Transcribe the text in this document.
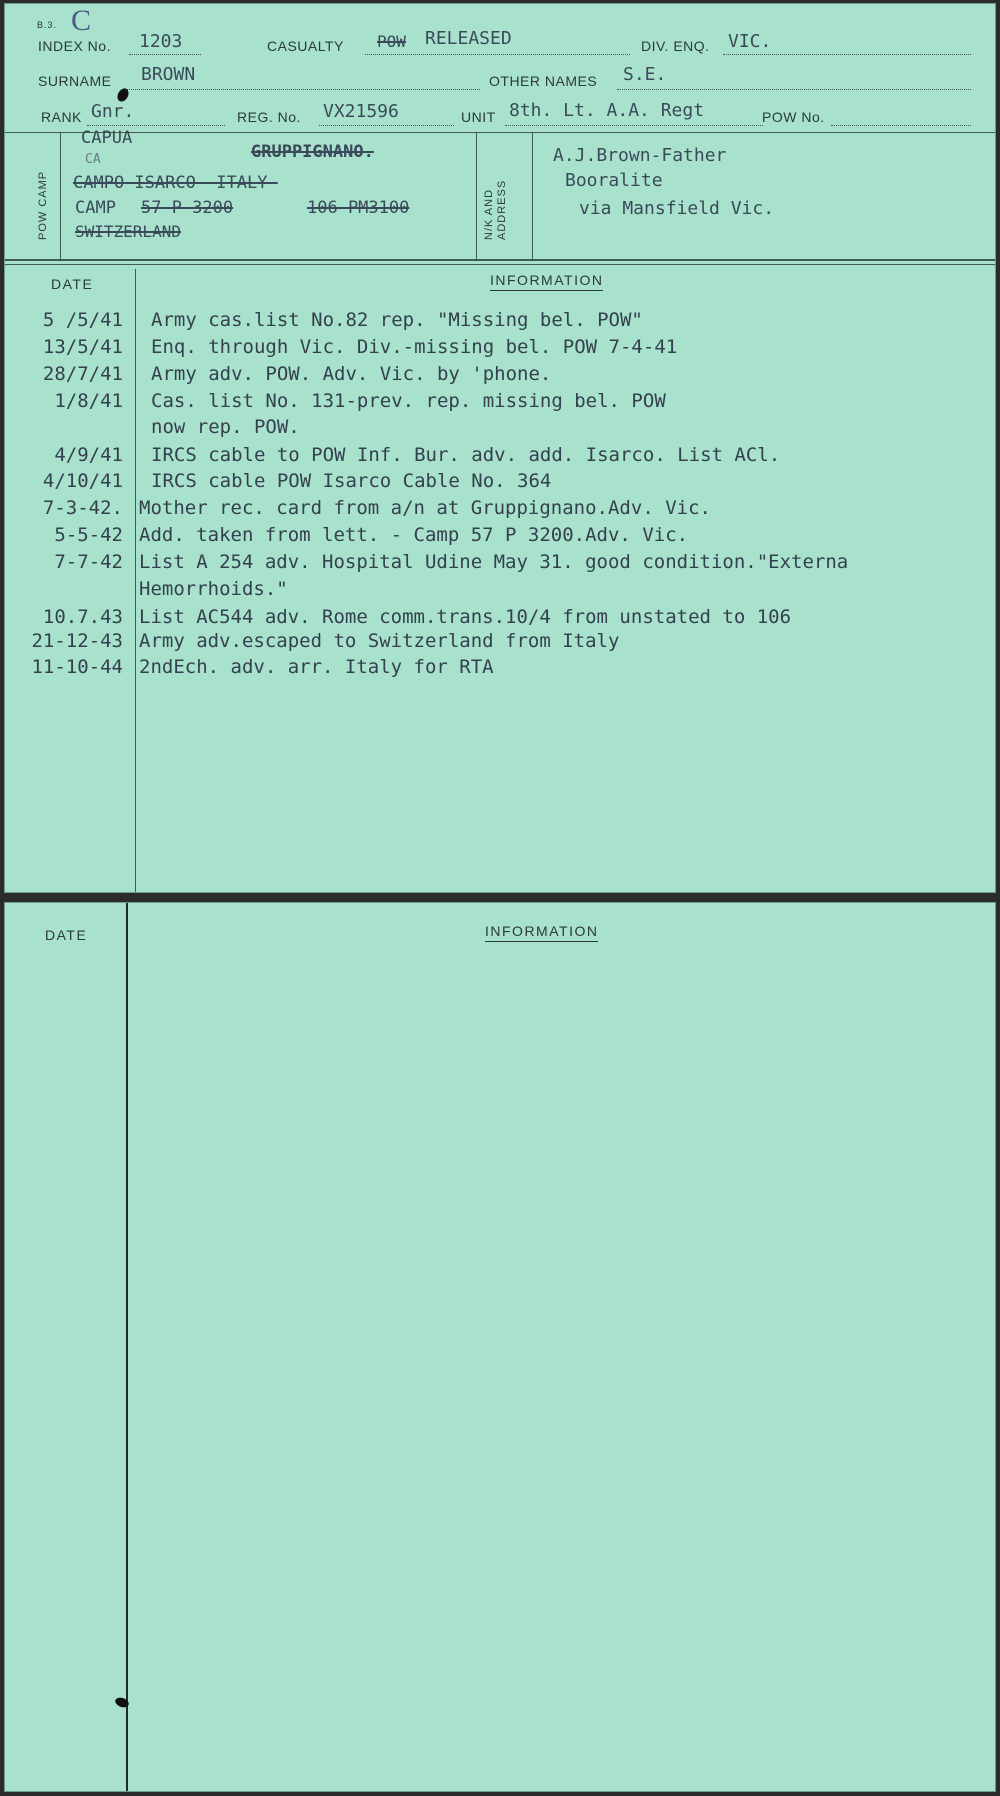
B.3. C
INDEX No. 1203	CASUALTY POW RELEASED	DIV. ENQ. VIC.
SURNAME BROWN	OTHER NAMES S.E.
RANK Gnr.	REG. No. VX21596	UNIT 8th. Lt. A.A. Regt	POW No.
POW CAMP
CAPUA
GRUPPIGNANO.
CA
CAMPO ISARCO -ITALY-
CAMP 57 P 3200	106 PM3100
SWITZERLAND	N/K AND ADDRESS
A.J.Brown-Father
Booralite
via Mansfield Vic.
DATE	INFORMATION
5 /5/41 Army cas.list No.82 rep. "Missing bel. POW"
13/5/41 Enq. through Vic. Div.-missing bel. POW 7-4-41
28/7/41 Army adv. POW. Adv. Vic. by 'phone.
1/8/41 Cas. list No. 131-prev. rep. missing bel. POW
now rep. POW.
4/9/41 IRCS cable to POW Inf. Bur. adv. add. Isarco. List ACl.
4/10/41 IRCS cable POW Isarco Cable No. 364
7-3-42. Mother rec. card from a/n at Gruppignano.Adv. Vic.
5-5-42 Add. taken from lett. - Camp 57 P 3200.Adv. Vic.
7-7-42 List A 254 adv. Hospital Udine May 31. good condition."Externa
Hemorrhoids."
10.7.43 List AC544 adv. Rome comm.trans.10/4 from unstated to 106
21-12-43 Army adv.escaped to Switzerland from Italy
11-10-44 2ndEch. adv. arr. Italy for RTA
DATE	INFORMATION
